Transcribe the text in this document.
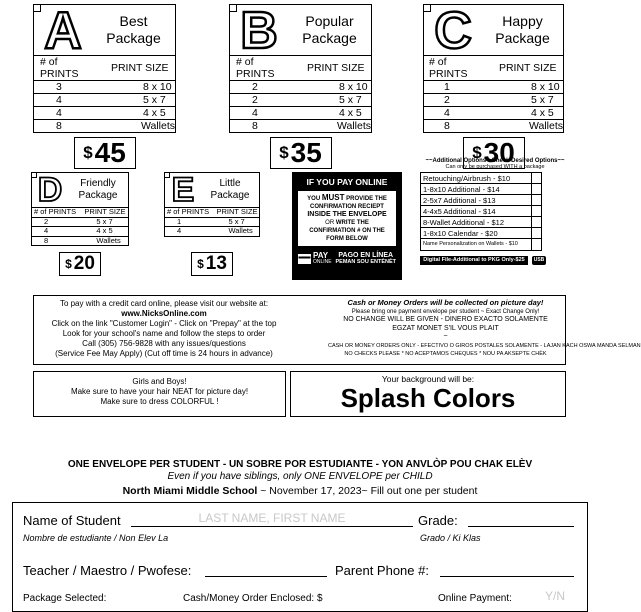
A	Best
Package
# of PRINTS	PRINT SIZE
3	8 x 10
4	5 x 7
4	4 x 5
8	Wallets
$ 45
B	Popular
Package
# of PRINTS	PRINT SIZE
2	8 x 10
2	5 x 7
4	4 x 5
8	Wallets
$ 35
C	Happy
Package
# of PRINTS	PRINT SIZE
1	8 x 10
2	5 x 7
4	4 x 5
8	Wallets
$ 30
D	Friendly
Package
# of PRINTS	PRINT SIZE
2	5 x 7
4	4 x 5
8	Wallets
$ 20
E	Little
Package
# of PRINTS	PRINT SIZE
1	5 x 7
4	Wallets
$ 13
IF YOU PAY ONLINE
YOU MUST PROVIDE THE
CONFIRMATION RECIEPT
INSIDE THE ENVELOPE
OR WRITE THE
CONFIRMATION # ON THE
FORM BELOW
PAY
ONLINE
PAGO EN LÍNEA
PEMAN SOU ENTÈNÈT
~~Additional Options - Check Desired Options~~
Can only be purchased WITH a package
Retouching/Airbrush - $10
1-8x10 Additional - $14
2-5x7 Additional - $13
4-4x5 Additional - $14
8-Wallet Additional - $12
1-8x10 Calendar - $20
Name Personalization on Wallets - $10
Digital File-Additional to PKG Only-$25	USB
To pay with a credit card online, please visit our website at:
www.NicksOnline.com
Click on the link "Customer Login" - Click on "Prepay" at the top
Look for your school's name and follow the steps to order
Call (305) 756-9828 with any issues/questions
(Service Fee May Apply) (Cut off time is 24 hours in advance)
Cash or Money Orders will be collected on picture day!
Please bring one payment envelope per student ~ Exact Change Only!
NO CHANGE WILL BE GIVEN - DINERO EXACTO SOLAMENTE
EGZAT MONET S'IL VOUS PLAIT
~
CASH OR MONEY ORDERS ONLY - EFECTIVO O GIROS POSTALES SOLAMENTE - LAJAN KACH OSWA MANDA SELMAN
NO CHECKS PLEASE * NO ACEPTAMOS CHEQUES * NOU PA AKSEPTE CHÈK
Girls and Boys!
Make sure to have your hair NEAT for picture day!
Make sure to dress COLORFUL !
Your background will be:
Splash Colors
ONE ENVELOPE PER STUDENT - UN SOBRE POR ESTUDIANTE - YON ANVLÒP POU CHAK ELÈV
Even if you have siblings, only ONE ENVELOPE per CHILD
North Miami Middle School ~ November 17, 2023~ Fill out one per student
Name of Student	LAST NAME, FIRST NAME	Grade:
Nombre de estudiante / Non Elev La	Grado / Ki Klas
Teacher / Maestro / Pwofese:	Parent Phone #:
Package Selected:	Cash/Money Order Enclosed: $	Online Payment:	Y/N
